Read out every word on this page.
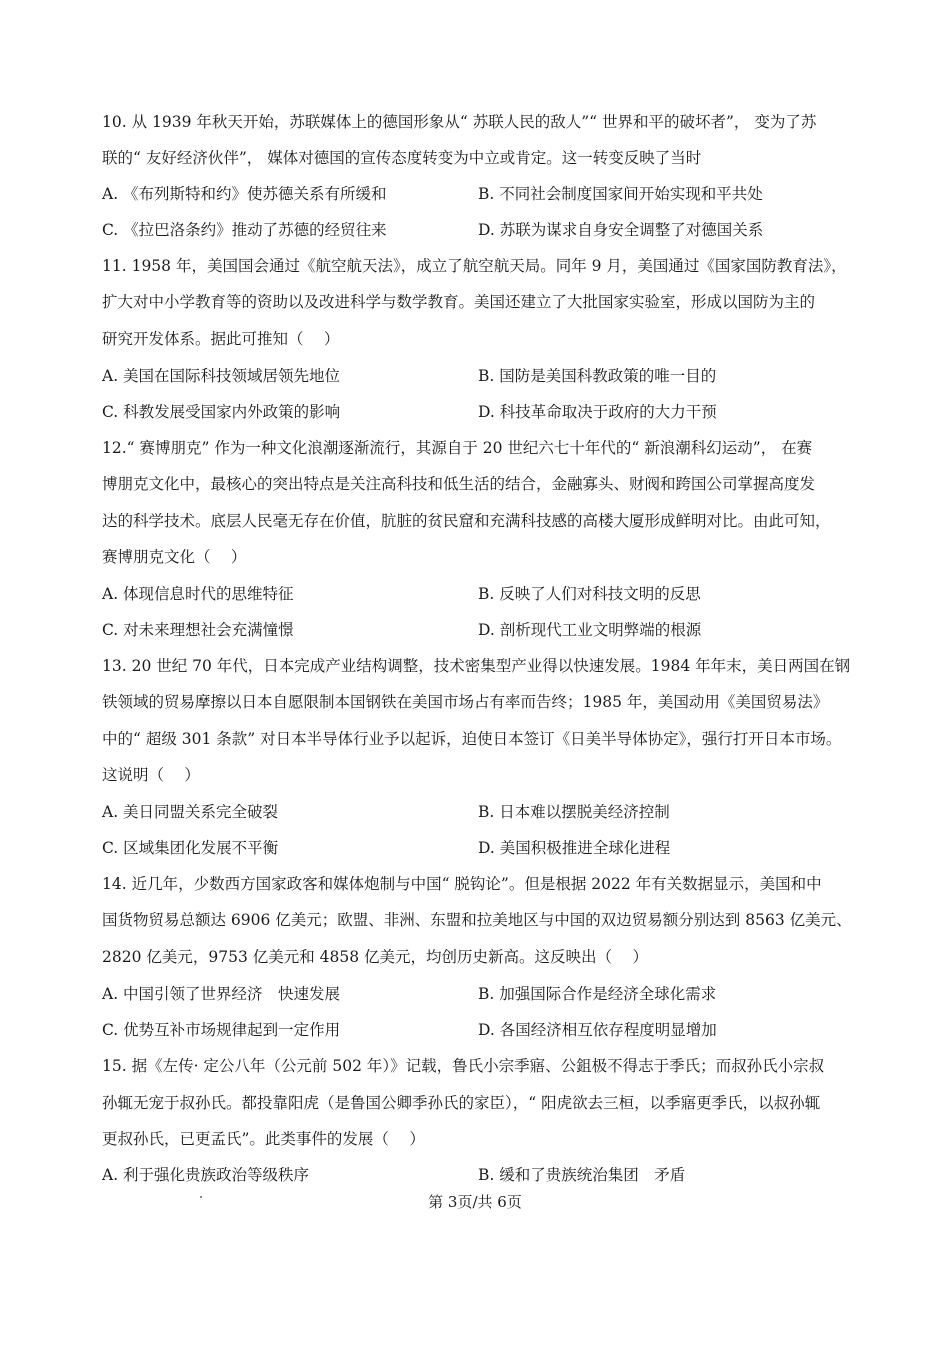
10. 从 1939 年秋天开始，苏联媒体上的德国形象从“ 苏联人民的敌人”“ 世界和平的破坏者”， 变为了苏
联的“ 友好经济伙伴”， 媒体对德国的宣传态度转变为中立或肯定。这一转变反映了当时
A. 《布列斯特和约》使苏德关系有所缓和	B. 不同社会制度国家间开始实现和平共处
C. 《拉巴洛条约》推动了苏德的经贸往来	D. 苏联为谋求自身安全调整了对德国关系
11. 1958 年，美国国会通过《航空航天法》，成立了航空航天局。同年 9 月，美国通过《国家国防教育法》，
扩大对中小学教育等的资助以及改进科学与数学教育。美国还建立了大批国家实验室，形成以国防为主的
研究开发体系。据此可推知（　 ）
A. 美国在国际科技领域居领先地位	B. 国防是美国科教政策的唯一目的
C. 科教发展受国家内外政策的影响	D. 科技革命取决于政府的大力干预
12.“ 赛博朋克” 作为一种文化浪潮逐渐流行，其源自于 20 世纪六七十年代的“ 新浪潮科幻运动”， 在赛
博朋克文化中，最核心的突出特点是关注高科技和低生活的结合，金融寡头、财阀和跨国公司掌握高度发
达的科学技术。底层人民毫无存在价值，肮脏的贫民窟和充满科技感的高楼大厦形成鲜明对比。由此可知，
赛博朋克文化（　 ）
A. 体现信息时代的思维特征	B. 反映了人们对科技文明的反思
C. 对未来理想社会充满憧憬	D. 剖析现代工业文明弊端的根源
13. 20 世纪 70 年代，日本完成产业结构调整，技术密集型产业得以快速发展。1984 年年末，美日两国在钢
铁领域的贸易摩擦以日本自愿限制本国钢铁在美国市场占有率而告终；1985 年，美国动用《美国贸易法》
中的“ 超级 301 条款” 对日本半导体行业予以起诉，迫使日本签订《日美半导体协定》，强行打开日本市场。
这说明（　 ）
A. 美日同盟关系完全破裂	B. 日本难以摆脱美经济控制
C. 区域集团化发展不平衡	D. 美国积极推进全球化进程
14. 近几年，少数西方国家政客和媒体炮制与中国“ 脱钩论”。但是根据 2022 年有关数据显示，美国和中
国货物贸易总额达 6906 亿美元；欧盟、非洲、东盟和拉美地区与中国的双边贸易额分别达到 8563 亿美元、
2820 亿美元，9753 亿美元和 4858 亿美元，均创历史新高。这反映出（　 ）
A. 中国引领了世界经济　快速发展	B. 加强国际合作是经济全球化需求
C. 优势互补市场规律起到一定作用	D. 各国经济相互依存程度明显增加
15. 据《左传· 定公八年（公元前 502 年）》记载，鲁氏小宗季寤、公鉏极不得志于季氏；而叔孙氏小宗叔
孙辄无宠于叔孙氏。都投靠阳虎（是鲁国公卿季孙氏的家臣），“ 阳虎欲去三桓，以季寤更季氏，以叔孙辄
更叔孙氏，已更孟氏”。此类事件的发展（　 ）
A. 利于强化贵族政治等级秩序	B. 缓和了贵族统治集团　矛盾
第 3页/共 6页
